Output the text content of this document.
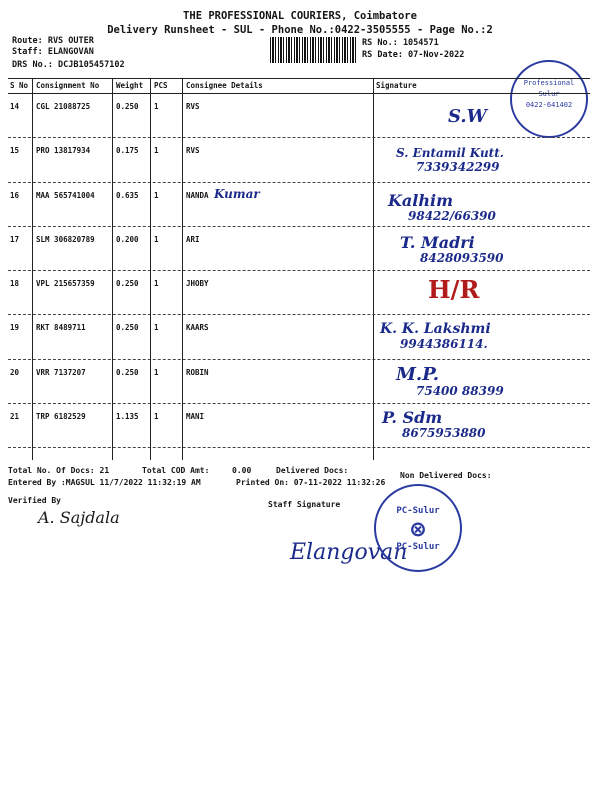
THE PROFESSIONAL COURIERS, Coimbatore
Delivery Runsheet - SUL - Phone No.:0422-3505555 - Page No.:2
Route: RVS OUTER
Staff: ELANGOVAN
DRS No.: DCJB105457102
RS No.: 1054571
RS Date: 07-Nov-2022
Professional
Sulur
0422-641402
S No Consignment No Weight PCS Consignee Details	Signature
14 CGL 21088725	0.250 1	RVS	S.W
15 PRO 13817934	0.175 1	RVS	S. Entamil Kutt.
7339342299
16 MAA 565741004	0.635 1	NANDA Kumar	Kalhim
98422/66390
17 SLM 306820789	0.200 1	ARI	T. Madri
8428093590
18 VPL 215657359	0.250 1	JHOBY	H/R
19 RKT 8489711	0.250 1	KAARS	K. K. Lakshmi
9944386114.
20 VRR 7137207	0.250 1	ROBIN	M.P.
75400 88399
21 TRP 6182529	1.135 1	MANI	P. Sdm
8675953880
Total No. Of Docs: 21	Total COD Amt:	0.00	Delivered Docs:
Non Delivered Docs:
Entered By :MAGSUL 11/7/2022 11:32:19 AM	Printed On: 07-11-2022 11:32:26
Verified By	Staff Signature
A. Sajdala
Elangovan
PC-Sulur
⊗
PC-Sulur
